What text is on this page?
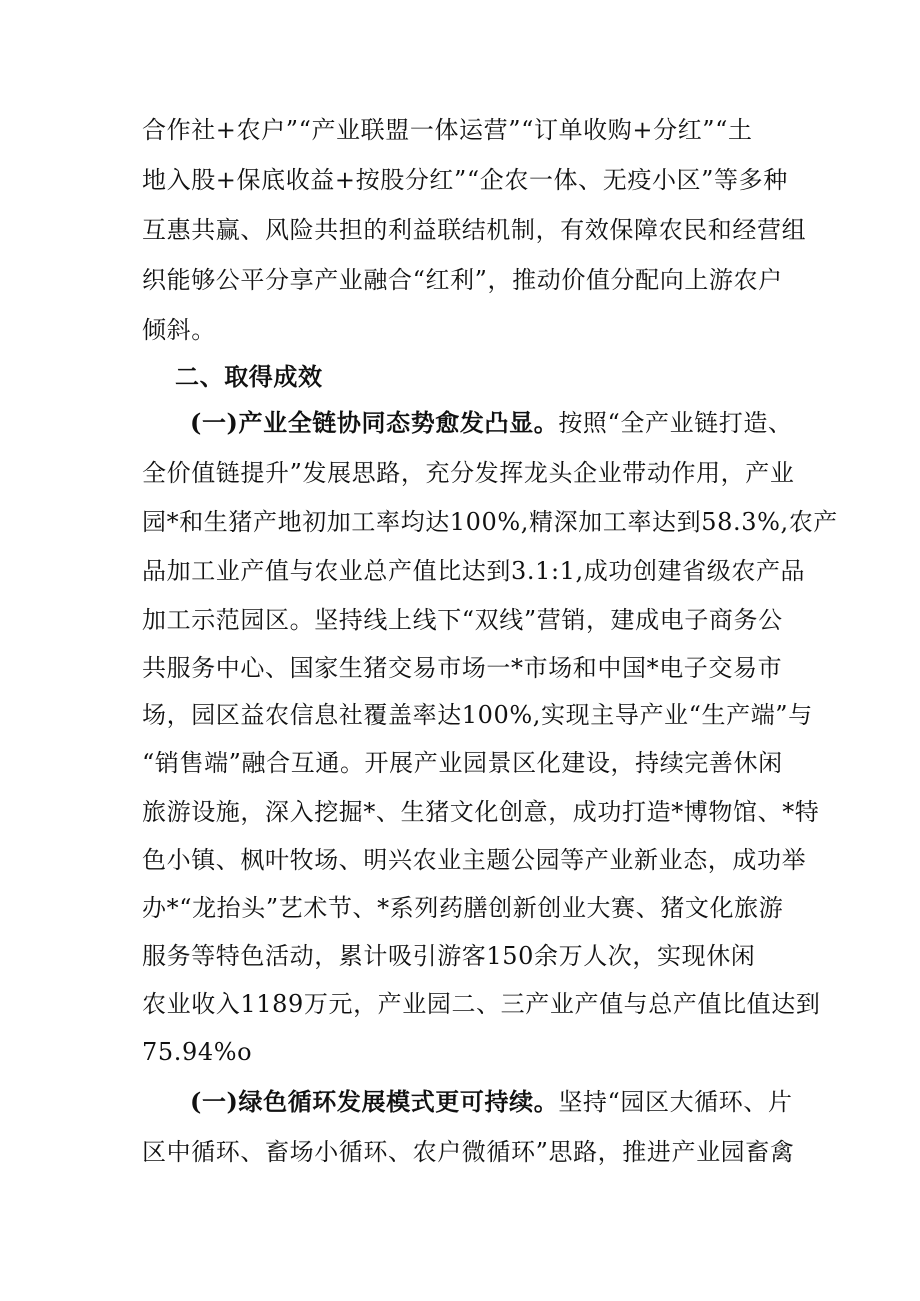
合作社+农户”“产业联盟一体运营”“订单收购+分红”“土
地入股+保底收益+按股分红”“企农一体、无疫小区”等多种
互惠共赢、风险共担的利益联结机制，有效保障农民和经营组
织能够公平分享产业融合“红利”，推动价值分配向上游农户
倾斜。
二、取得成效
(一)产业全链协同态势愈发凸显。按照“全产业链打造、
全价值链提升”发展思路，充分发挥龙头企业带动作用，产业
园*和生猪产地初加工率均达100%,精深加工率达到58.3%,农产
品加工业产值与农业总产值比达到3.1:1,成功创建省级农产品
加工示范园区。坚持线上线下“双线”营销，建成电子商务公
共服务中心、国家生猪交易市场一*市场和中国*电子交易市
场，园区益农信息社覆盖率达100%,实现主导产业“生产端”与
“销售端”融合互通。开展产业园景区化建设，持续完善休闲
旅游设施，深入挖掘*、生猪文化创意，成功打造*博物馆、*特
色小镇、枫叶牧场、明兴农业主题公园等产业新业态，成功举
办*“龙抬头”艺术节、*系列药膳创新创业大赛、猪文化旅游
服务等特色活动，累计吸引游客150余万人次，实现休闲
农业收入1189万元，产业园二、三产业产值与总产值比值达到
75.94%o
(一)绿色循环发展模式更可持续。坚持“园区大循环、片
区中循环、畜场小循环、农户微循环”思路，推进产业园畜禽
